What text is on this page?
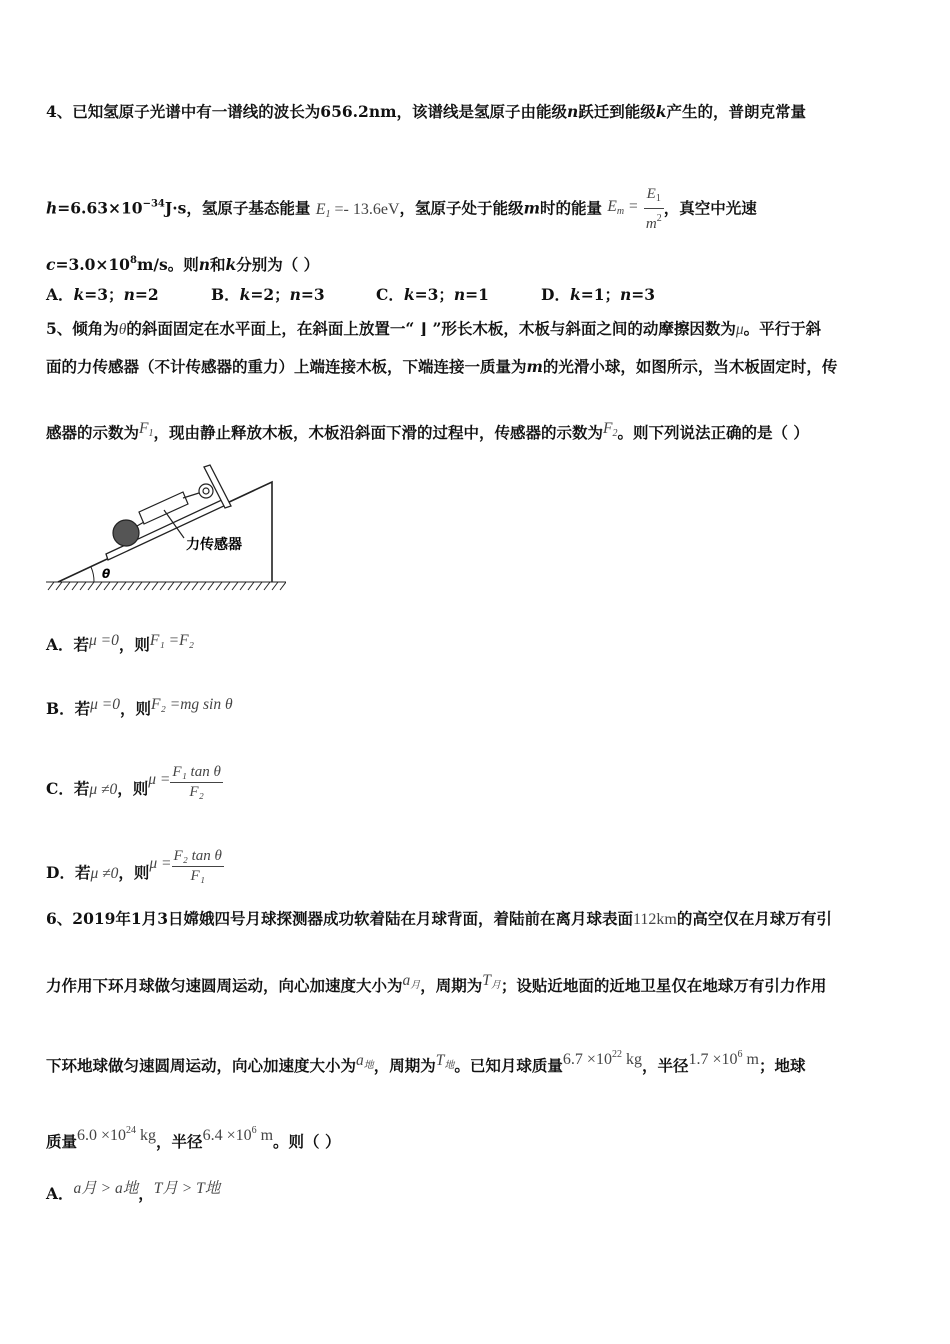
4、已知氢原子光谱中有一谱线的波长为656.2nm，该谱线是氢原子由能级n跃迁到能级k产生的，普朗克常量
$h=6.63\times 10^{-34}J\cdot s$，氢原子基态能量 $E_1 =- 13.6eV$，氢原子处于能级m时的能量 $E_m = \frac{E_1}{m^2}$ ，真空中光速
$c=3.0\times 10^8m/s$。则n和k分别为（ ）
A．k=3；n=2	B．k=2；n=3	C．k=3；n=1	D．k=1；n=3
5、倾角为θ的斜面固定在水平面上，在斜面上放置一“ ⌋ ”形长木板，木板与斜面之间的动摩擦因数为μ。平行于斜
面的力传感器（不计传感器的重力）上端连接木板，下端连接一质量为m的光滑小球，如图所示，当木板固定时，传
感器的示数为$F_1$，现由静止释放木板，木板沿斜面下滑的过程中，传感器的示数为$F_2$。则下列说法正确的是（ ）
θ
力传感器
A．若μ =0，则F₁ =F₂
B．若μ =0，则F₂ =mg sin θ
C．若μ ≠0，则$\mu = \frac{\text{F₁ tan θ}}{\text{F₂}}$
D．若μ ≠0，则$\mu = \frac{\text{F₂ tan θ}}{\text{F₁}}$
6、2019年1月3日嫦娥四号月球探测器成功软着陆在月球背面，着陆前在离月球表面112km的高空仅在月球万有引
力作用下环月球做匀速圆周运动，向心加速度大小为$a_月$，周期为$T_月$；设贴近地面的近地卫星仅在地球万有引力作用
下环地球做匀速圆周运动，向心加速度大小为$a_地$，周期为$T_地$。已知月球质量$6.7 \times 10^{22}$ kg，半径$1.7 \times 10^6$ m；地球
质量$6.0 \times 10^{24}$ kg，半径$6.4 \times 10^6$ m。则（ ）
A．a月 > a地，T月 > T地
